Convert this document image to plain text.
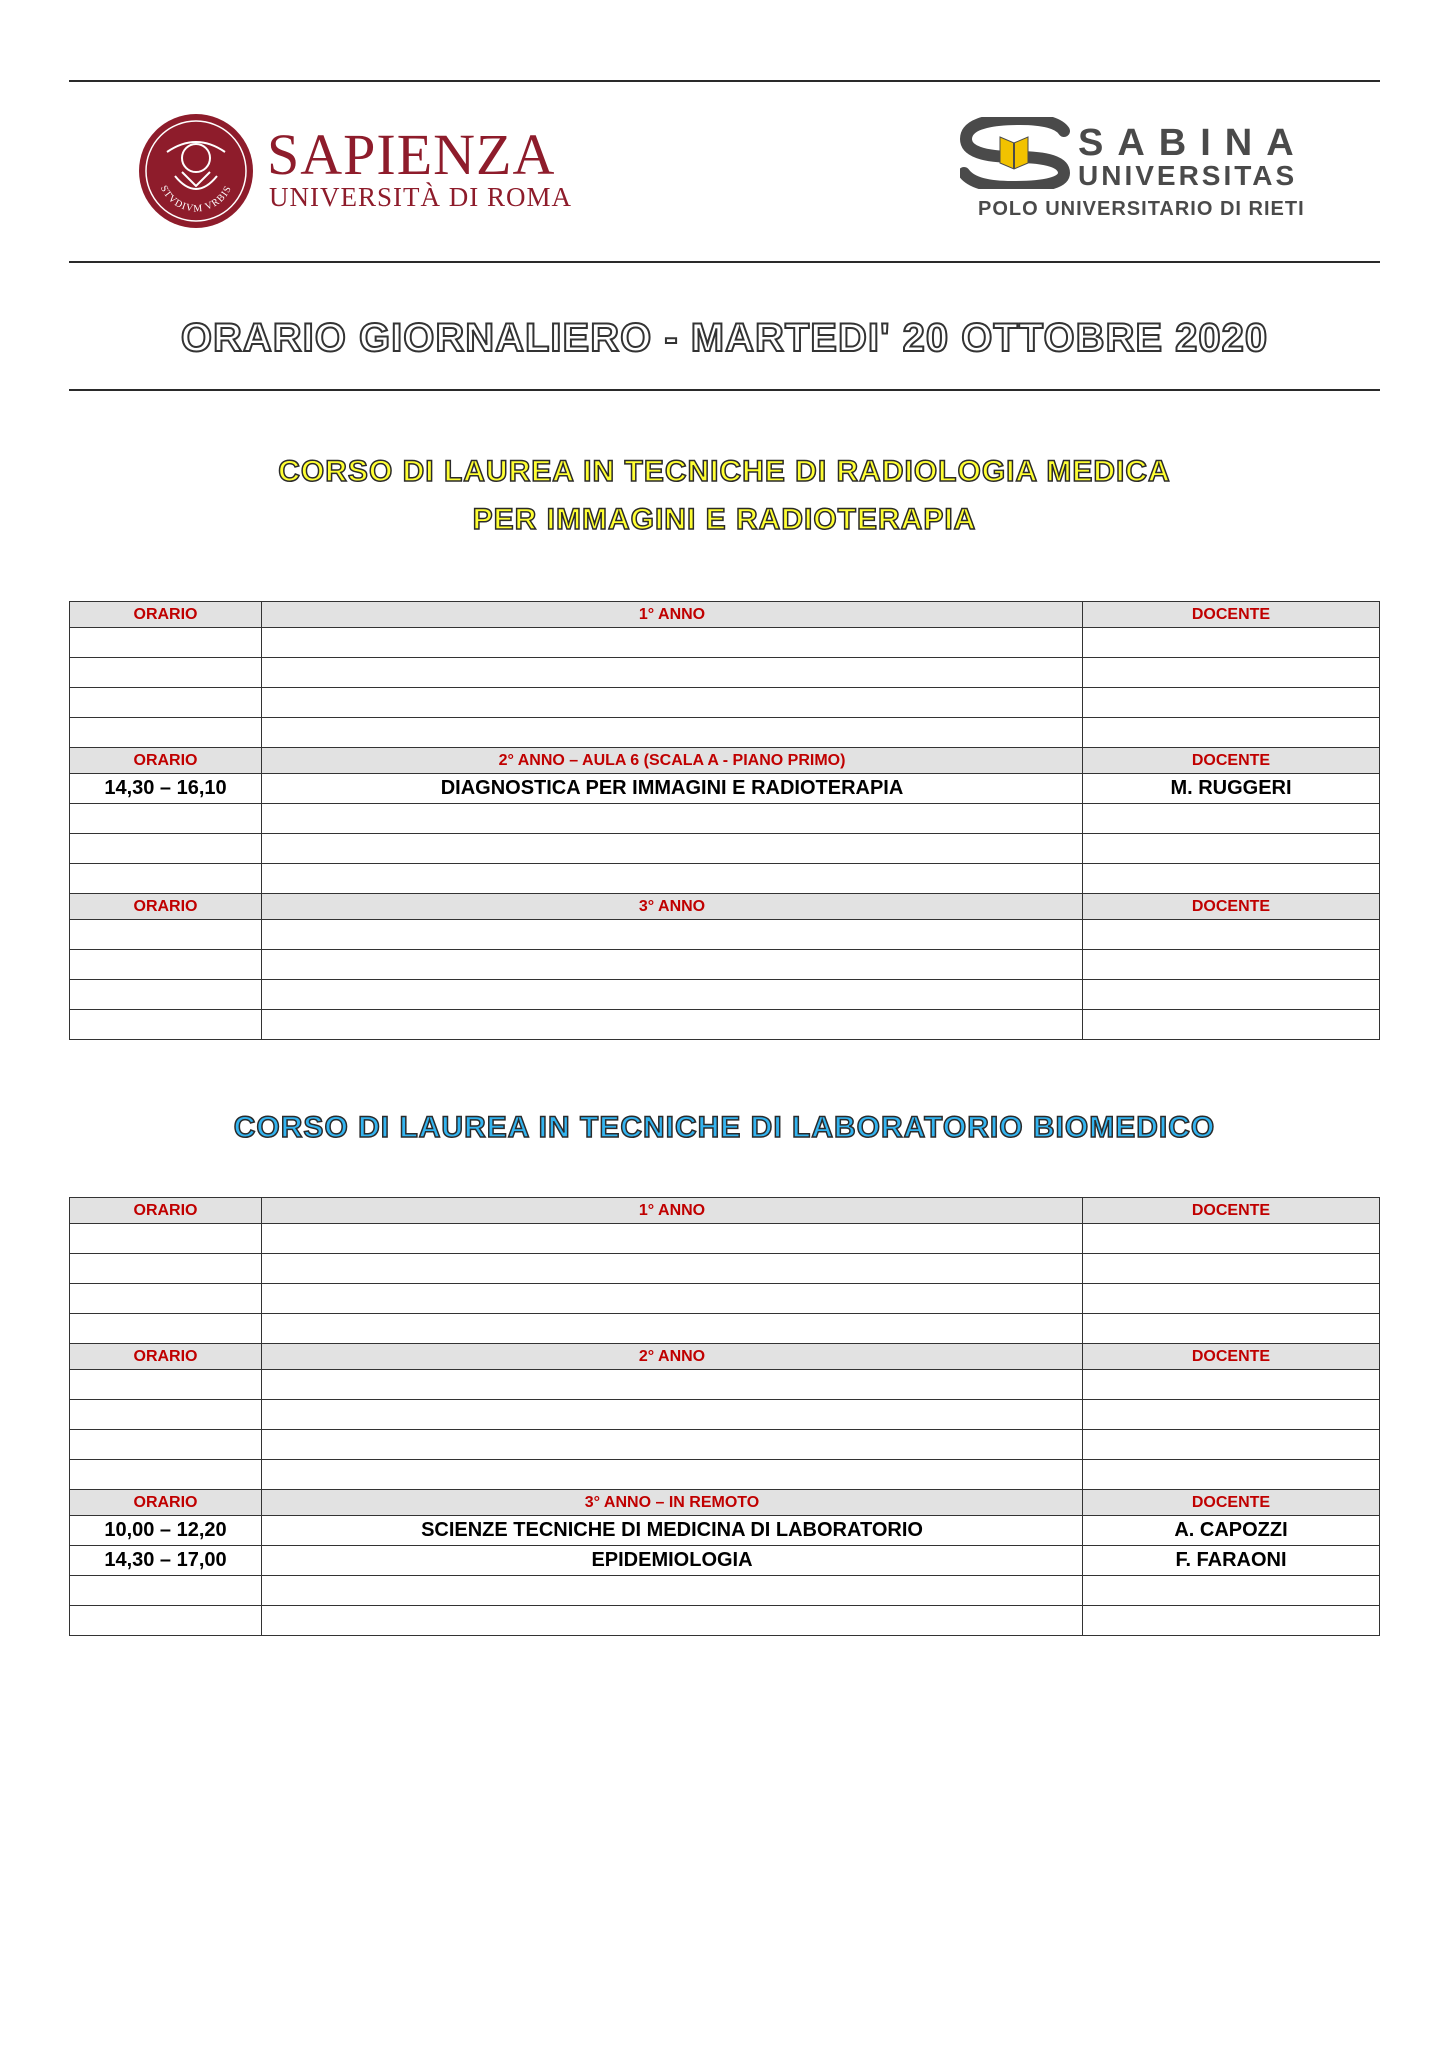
STVDIVM VRBIS
SAPIENZA
UNIVERSITÀ DI ROMA
SABINA
UNIVERSITAS
POLO UNIVERSITARIO DI RIETI
ORARIO GIORNALIERO - MARTEDI' 20 OTTOBRE 2020
CORSO DI LAUREA IN TECNICHE DI RADIOLOGIA MEDICA
PER IMMAGINI E RADIOTERAPIA
ORARIO	1° ANNO	DOCENTE

ORARIO	2° ANNO – AULA 6 (SCALA A - PIANO PRIMO)	DOCENTE
14,30 – 16,10	DIAGNOSTICA PER IMMAGINI E RADIOTERAPIA	M. RUGGERI

ORARIO	3° ANNO	DOCENTE

CORSO DI LAUREA IN TECNICHE DI LABORATORIO BIOMEDICO
ORARIO	1° ANNO	DOCENTE

ORARIO	2° ANNO	DOCENTE

ORARIO	3° ANNO – IN REMOTO	DOCENTE
10,00 – 12,20	SCIENZE TECNICHE DI MEDICINA DI LABORATORIO	A. CAPOZZI
14,30 – 17,00	EPIDEMIOLOGIA	F. FARAONI
